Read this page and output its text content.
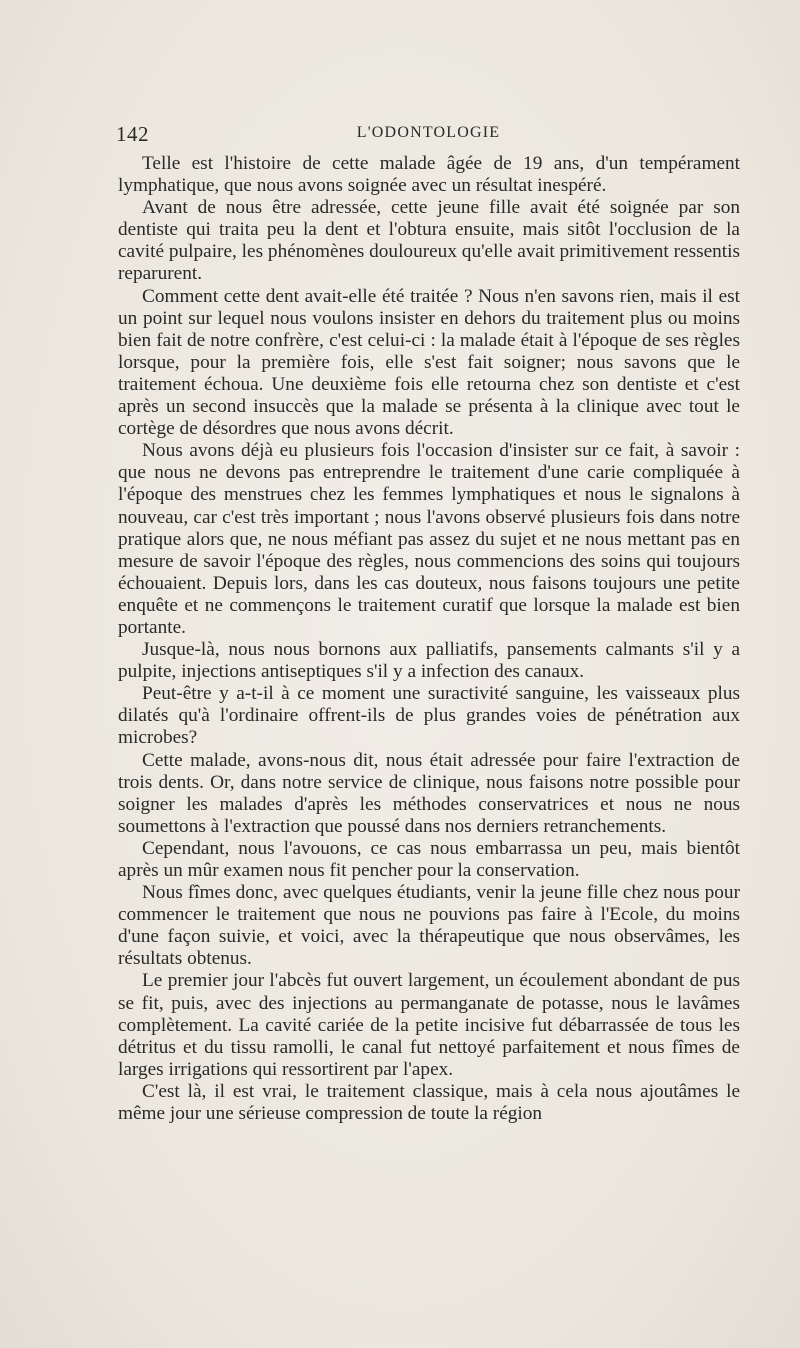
142	L'ODONTOLOGIE

Telle est l'histoire de cette malade âgée de 19 ans, d'un tempérament lymphatique, que nous avons soignée avec un résultat inespéré.

Avant de nous être adressée, cette jeune fille avait été soignée par son dentiste qui traita peu la dent et l'obtura ensuite, mais sitôt l'occlusion de la cavité pulpaire, les phénomènes douloureux qu'elle avait primitivement ressentis reparurent.

Comment cette dent avait-elle été traitée ? Nous n'en savons rien, mais il est un point sur lequel nous voulons insister en dehors du traitement plus ou moins bien fait de notre confrère, c'est celui-ci : la malade était à l'époque de ses règles lorsque, pour la première fois, elle s'est fait soigner; nous savons que le traitement échoua. Une deuxième fois elle retourna chez son dentiste et c'est après un second insuccès que la malade se présenta à la clinique avec tout le cortège de désordres que nous avons décrit.

Nous avons déjà eu plusieurs fois l'occasion d'insister sur ce fait, à savoir : que nous ne devons pas entreprendre le traitement d'une carie compliquée à l'époque des menstrues chez les femmes lymphatiques et nous le signalons à nouveau, car c'est très important ; nous l'avons observé plusieurs fois dans notre pratique alors que, ne nous méfiant pas assez du sujet et ne nous mettant pas en mesure de savoir l'époque des règles, nous commencions des soins qui toujours échouaient. Depuis lors, dans les cas douteux, nous faisons toujours une petite enquête et ne commençons le traitement curatif que lorsque la malade est bien portante.

Jusque-là, nous nous bornons aux palliatifs, pansements calmants s'il y a pulpite, injections antiseptiques s'il y a infection des canaux.

Peut-être y a-t-il à ce moment une suractivité sanguine, les vaisseaux plus dilatés qu'à l'ordinaire offrent-ils de plus grandes voies de pénétration aux microbes?

Cette malade, avons-nous dit, nous était adressée pour faire l'extraction de trois dents. Or, dans notre service de clinique, nous faisons notre possible pour soigner les malades d'après les méthodes conservatrices et nous ne nous soumettons à l'extraction que poussé dans nos derniers retranchements.

Cependant, nous l'avouons, ce cas nous embarrassa un peu, mais bientôt après un mûr examen nous fit pencher pour la conservation.

Nous fîmes donc, avec quelques étudiants, venir la jeune fille chez nous pour commencer le traitement que nous ne pouvions pas faire à l'Ecole, du moins d'une façon suivie, et voici, avec la thérapeutique que nous observâmes, les résultats obtenus.

Le premier jour l'abcès fut ouvert largement, un écoulement abondant de pus se fit, puis, avec des injections au permanganate de potasse, nous le lavâmes complètement. La cavité cariée de la petite incisive fut débarrassée de tous les détritus et du tissu ramolli, le canal fut nettoyé parfaitement et nous fîmes de larges irrigations qui ressortirent par l'apex.

C'est là, il est vrai, le traitement classique, mais à cela nous ajoutâmes le même jour une sérieuse compression de toute la région
